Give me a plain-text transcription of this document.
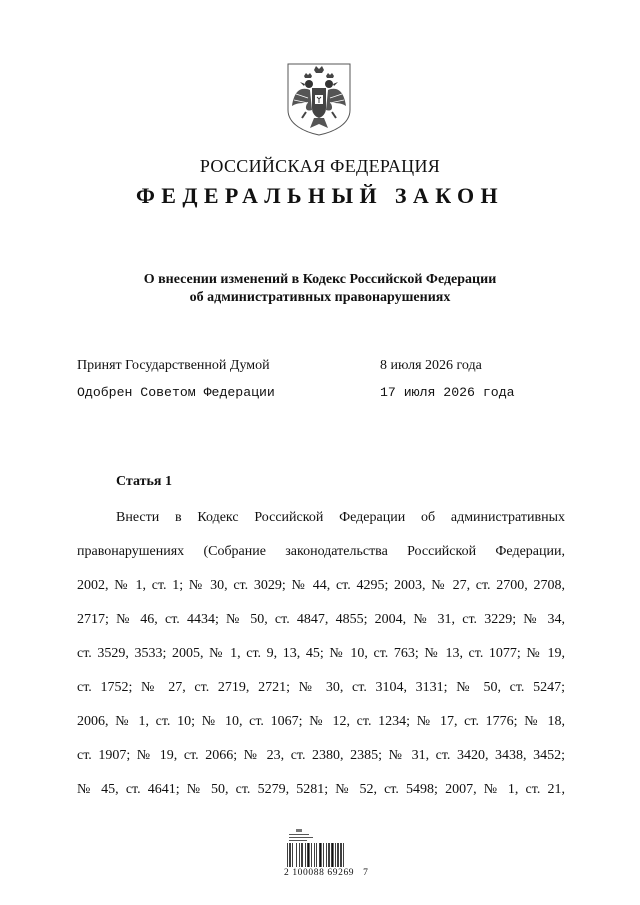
РОССИЙСКАЯ ФЕДЕРАЦИЯ
ФЕДЕРАЛЬНЫЙ ЗАКОН
О внесении изменений в Кодекс Российской Федерации
об административных правонарушениях
Принят Государственной Думой	8 июля 2026 года
Одобрен Советом Федерации	17 июля 2026 года
Статья 1
Внести в Кодекс Российской Федерации об административных
правонарушениях (Собрание законодательства Российской Федерации,
2002, № 1, ст. 1; № 30, ст. 3029; № 44, ст. 4295; 2003, № 27, ст. 2700, 2708,
2717; № 46, ст. 4434; № 50, ст. 4847, 4855; 2004, № 31, ст. 3229; № 34,
ст. 3529, 3533; 2005, № 1, ст. 9, 13, 45; № 10, ст. 763; № 13, ст. 1077; № 19,
ст. 1752; № 27, ст. 2719, 2721; № 30, ст. 3104, 3131; № 50, ст. 5247;
2006, № 1, ст. 10; № 10, ст. 1067; № 12, ст. 1234; № 17, ст. 1776; № 18,
ст. 1907; № 19, ст. 2066; № 23, ст. 2380, 2385; № 31, ст. 3420, 3438, 3452;
№ 45, ст. 4641; № 50, ст. 5279, 5281; № 52, ст. 5498; 2007, № 1, ст. 21,
2 100088 69269   7
